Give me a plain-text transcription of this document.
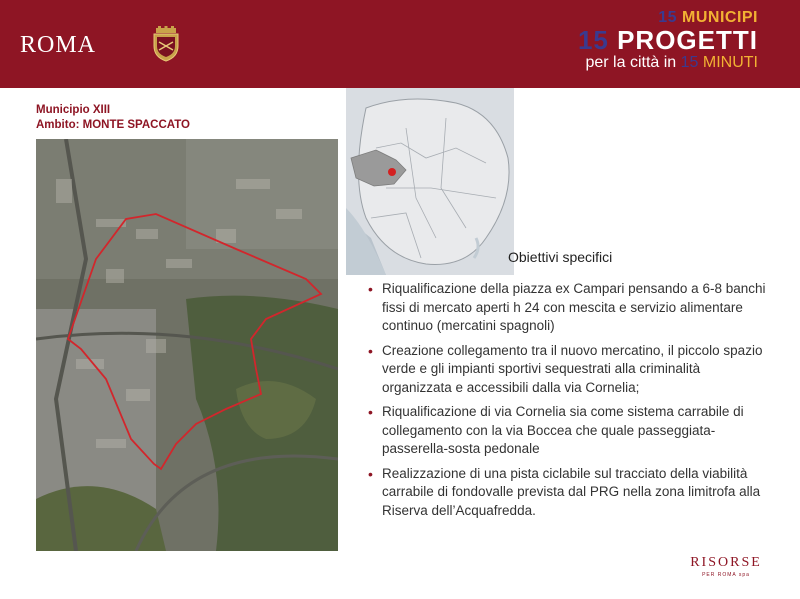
ROMA
15 MUNICIPI
15 PROGETTI
per la città in 15 MINUTI
Municipio XIII
Ambito: MONTE SPACCATO
Obiettivi specifici
• Riqualificazione della piazza ex Campari pensando a 6-8 banchi fissi di mercato aperti h 24 con mescita e servizio alimentare continuo (mercatini spagnoli)
• Creazione collegamento tra il nuovo mercatino, il piccolo spazio verde e gli impianti sportivi sequestrati alla criminalità organizzata e accessibili dalla via Cornelia;
• Riqualificazione di via Cornelia sia come sistema carrabile di collegamento con la via Boccea che quale passeggiata-passerella-sosta pedonale
• Realizzazione di una pista ciclabile sul tracciato della viabilità carrabile di fondovalle prevista dal PRG nella zona limitrofa alla Riserva dell’Acquafredda.
RISORSE
PER ROMA spa
